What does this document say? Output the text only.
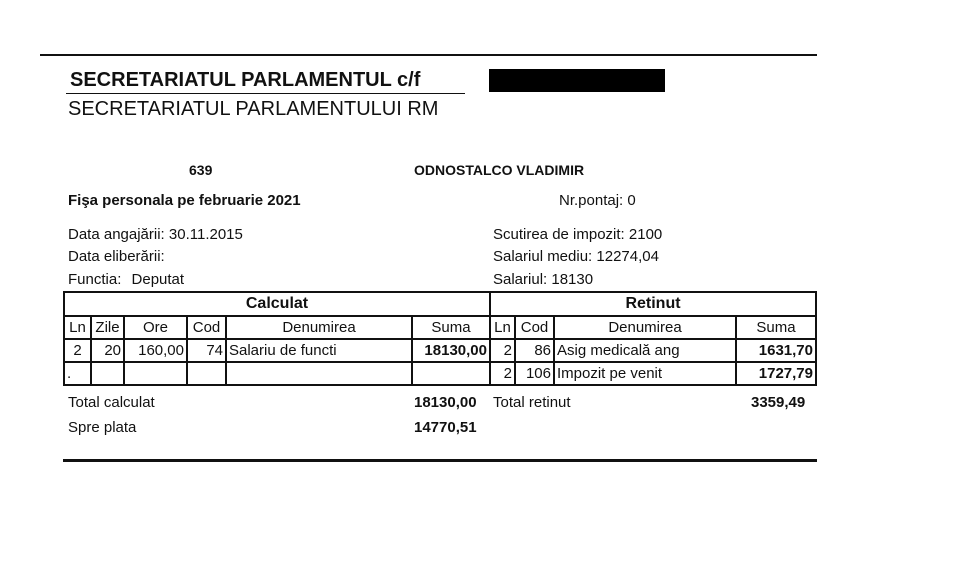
SECRETARIATUL PARLAMENTUL c/f
SECRETARIATUL PARLAMENTULUI RM
639	ODNOSTALCO VLADIMIR
Fişa personala pe februarie 2021	Nr.pontaj: 0
Data angajării: 30.11.2015
Data eliberării:
Functia: Deputat
Scutirea de impozit: 2100
Salariul mediu: 12274,04
Salariul: 18130
Calculat						Retinut			
Ln	Zile	Ore	Cod	Denumirea	Suma	Ln	Cod	Denumirea	Suma
2	20	160,00	74	Salariu de functi	18130,00	2	86	Asig medicală ang	1631,70
.						2	106	Impozit pe venit	1727,79
Total calculat	18130,00 Total retinut	3359,49
Spre plata	14770,51
